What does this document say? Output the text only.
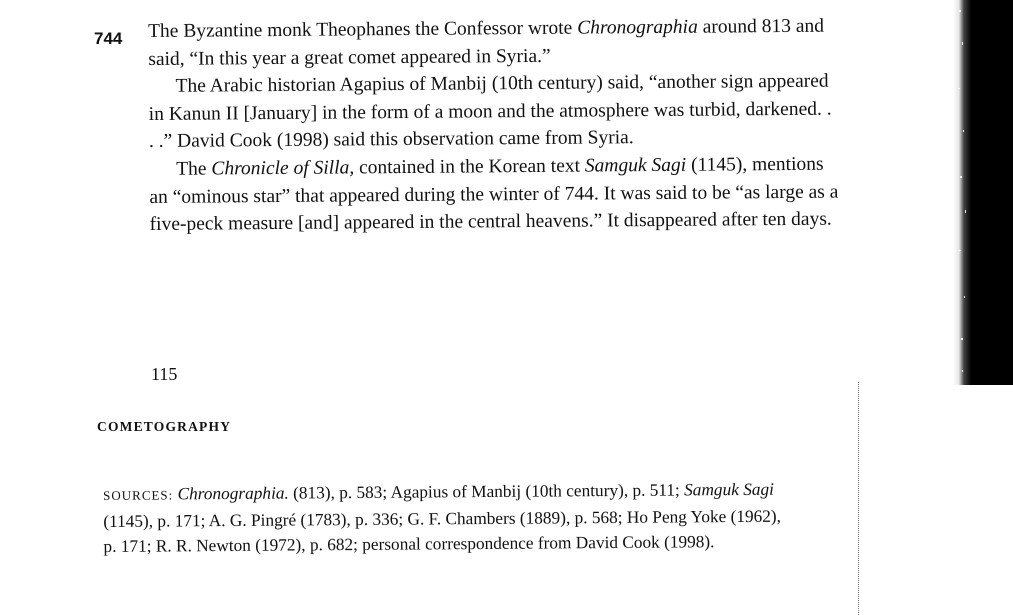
744 The Byzantine monk Theophanes the Confessor wrote Chronographia around 813 and said, “In this year a great comet appeared in Syria.”

The Arabic historian Agapius of Manbij (10th century) said, “another sign appeared in Kanun II [January] in the form of a moon and the atmosphere was turbid, darkened. . . .” David Cook (1998) said this observation came from Syria.

The Chronicle of Silla, contained in the Korean text Samguk Sagi (1145), mentions an “ominous star” that appeared during the winter of 744. It was said to be “as large as a five-peck measure [and] appeared in the central heavens.” It disappeared after ten days.

115
COMETOGRAPHY
SOURCES: Chronographia. (813), p. 583; Agapius of Manbij (10th century), p. 511; Samguk Sagi (1145), p. 171; A. G. Pingré (1783), p. 336; G. F. Chambers (1889), p. 568; Ho Peng Yoke (1962), p. 171; R. R. Newton (1972), p. 682; personal correspondence from David Cook (1998).
